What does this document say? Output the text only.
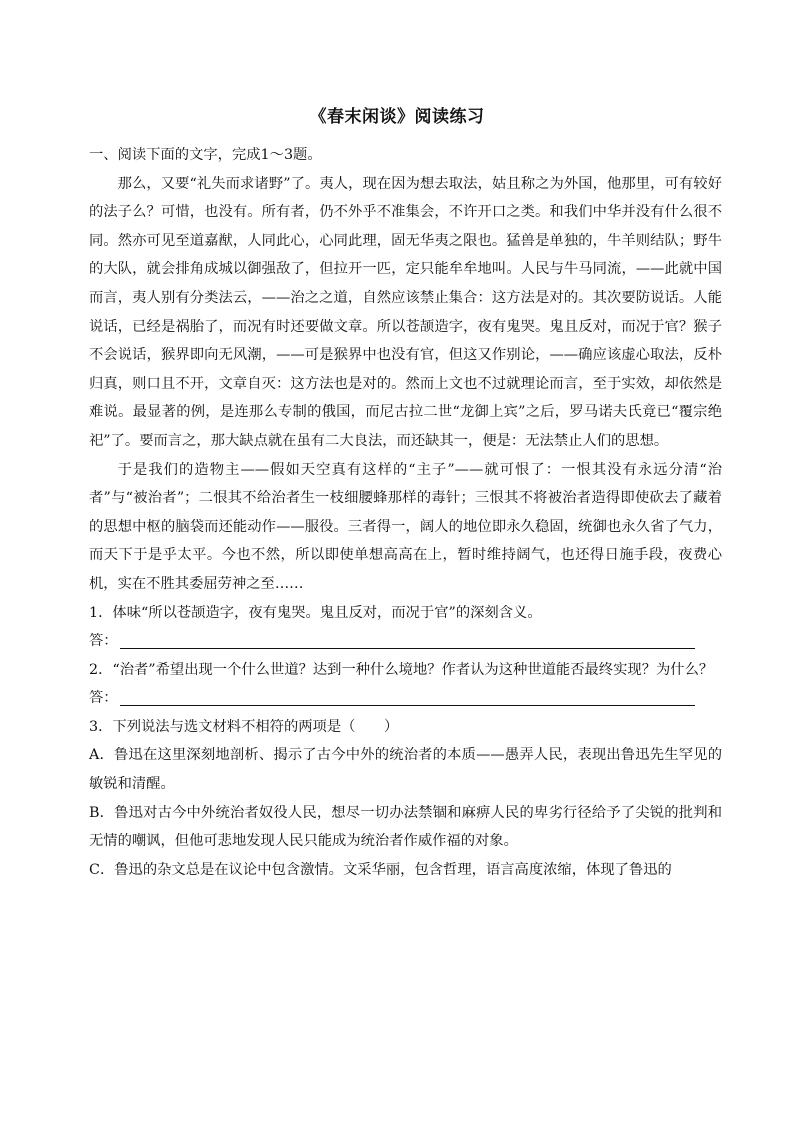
《春末闲谈》阅读练习

一、阅读下面的文字，完成1～3题。

那么，又要“礼失而求诸野”了。夷人，现在因为想去取法，姑且称之为外国，他那里，可有较好的法子么？可惜，也没有。所有者，仍不外乎不准集会，不许开口之类。和我们中华并没有什么很不同。然亦可见至道嘉猷，人同此心，心同此理，固无华夷之限也。猛兽是单独的，牛羊则结队；野牛的大队，就会排角成城以御强敌了，但拉开一匹，定只能牟牟地叫。人民与牛马同流，——此就中国而言，夷人别有分类法云，——治之之道，自然应该禁止集合：这方法是对的。其次要防说话。人能说话，已经是祸胎了，而况有时还要做文章。所以苍颉造字，夜有鬼哭。鬼且反对，而况于官？猴子不会说话，猴界即向无风潮，——可是猴界中也没有官，但这又作别论，——确应该虚心取法，反朴归真，则口且不开，文章自灭：这方法也是对的。然而上文也不过就理论而言，至于实效，却依然是难说。最显著的例，是连那么专制的俄国，而尼古拉二世“龙御上宾”之后，罗马诺夫氏竟已“覆宗绝祀”了。要而言之，那大缺点就在虽有二大良法，而还缺其一，便是：无法禁止人们的思想。

于是我们的造物主——假如天空真有这样的“主子”——就可恨了：一恨其没有永远分清“治者”与“被治者”；二恨其不给治者生一枝细腰蜂那样的毒针；三恨其不将被治者造得即使砍去了藏着的思想中枢的脑袋而还能动作——服役。三者得一，阔人的地位即永久稳固，统御也永久省了气力，而天下于是乎太平。今也不然，所以即使单想高高在上，暂时维持阔气，也还得日施手段，夜费心机，实在不胜其委屈劳神之至……

1．体味“所以苍颉造字，夜有鬼哭。鬼且反对，而况于官”的深刻含义。

答：

2．“治者”希望出现一个什么世道？达到一种什么境地？作者认为这种世道能否最终实现？为什么？

答：

3．下列说法与选文材料不相符的两项是（　　）

A．鲁迅在这里深刻地剖析、揭示了古今中外的统治者的本质——愚弄人民，表现出鲁迅先生罕见的敏锐和清醒。

B．鲁迅对古今中外统治者奴役人民，想尽一切办法禁锢和麻痹人民的卑劣行径给予了尖锐的批判和无情的嘲讽，但他可悲地发现人民只能成为统治者作威作福的对象。

C．鲁迅的杂文总是在议论中包含激情。文采华丽，包含哲理，语言高度浓缩，体现了鲁迅的
